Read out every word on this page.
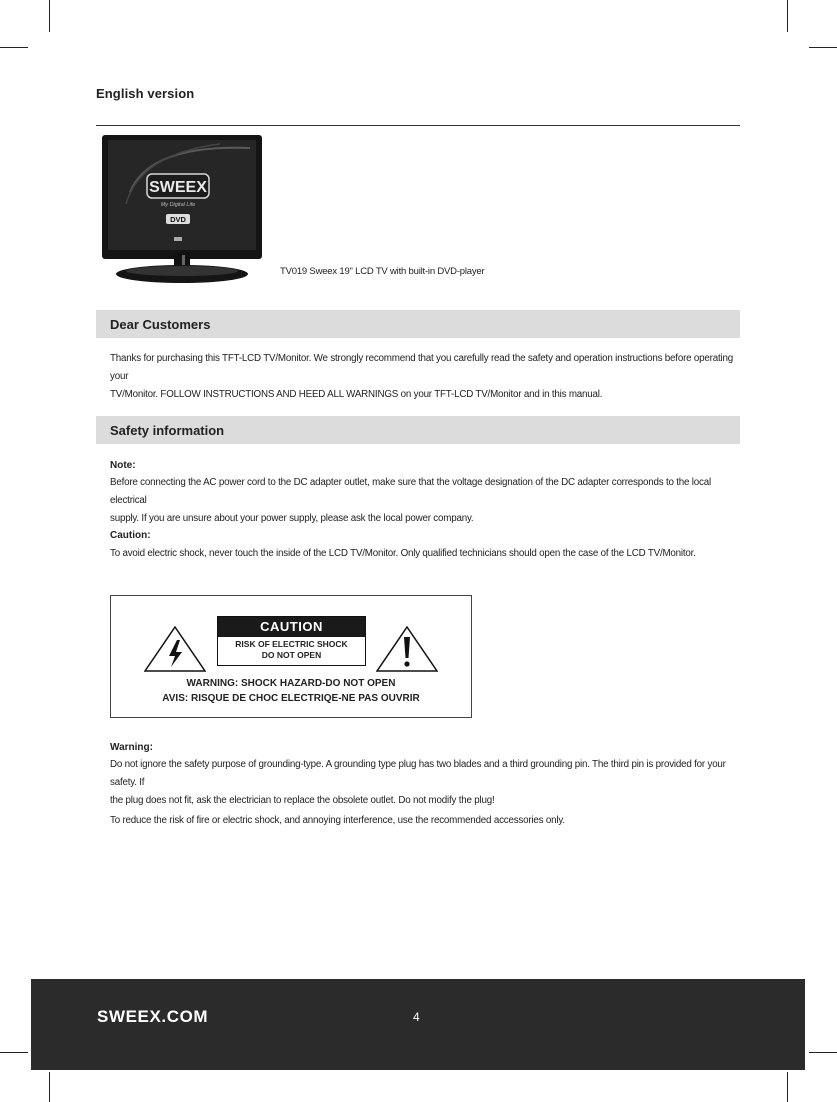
English version
SWEEX
My Digital Life
DVD
TV019 Sweex 19" LCD TV with built-in DVD-player
Dear Customers
Thanks for purchasing this TFT-LCD TV/Monitor. We strongly recommend that you carefully read the safety and operation instructions before operating your
TV/Monitor. FOLLOW INSTRUCTIONS AND HEED ALL WARNINGS on your TFT-LCD TV/Monitor and in this manual.
Safety information
Note:
Before connecting the AC power cord to the DC adapter outlet, make sure that the voltage designation of the DC adapter corresponds to the local electrical
supply. If you are unsure about your power supply, please ask the local power company.
Caution:
To avoid electric shock, never touch the inside of the LCD TV/Monitor. Only qualified technicians should open the case of the LCD TV/Monitor.
CAUTION
RISK OF ELECTRIC SHOCK
DO NOT OPEN
WARNING: SHOCK HAZARD-DO NOT OPEN
AVIS: RISQUE DE CHOC ELECTRIQE-NE PAS OUVRIR
Warning:
Do not ignore the safety purpose of grounding-type. A grounding type plug has two blades and a third grounding pin. The third pin is provided for your safety. If
the plug does not fit, ask the electrician to replace the obsolete outlet. Do not modify the plug!
To reduce the risk of fire or electric shock, and annoying interference, use the recommended accessories only.
SWEEX.COM	4
